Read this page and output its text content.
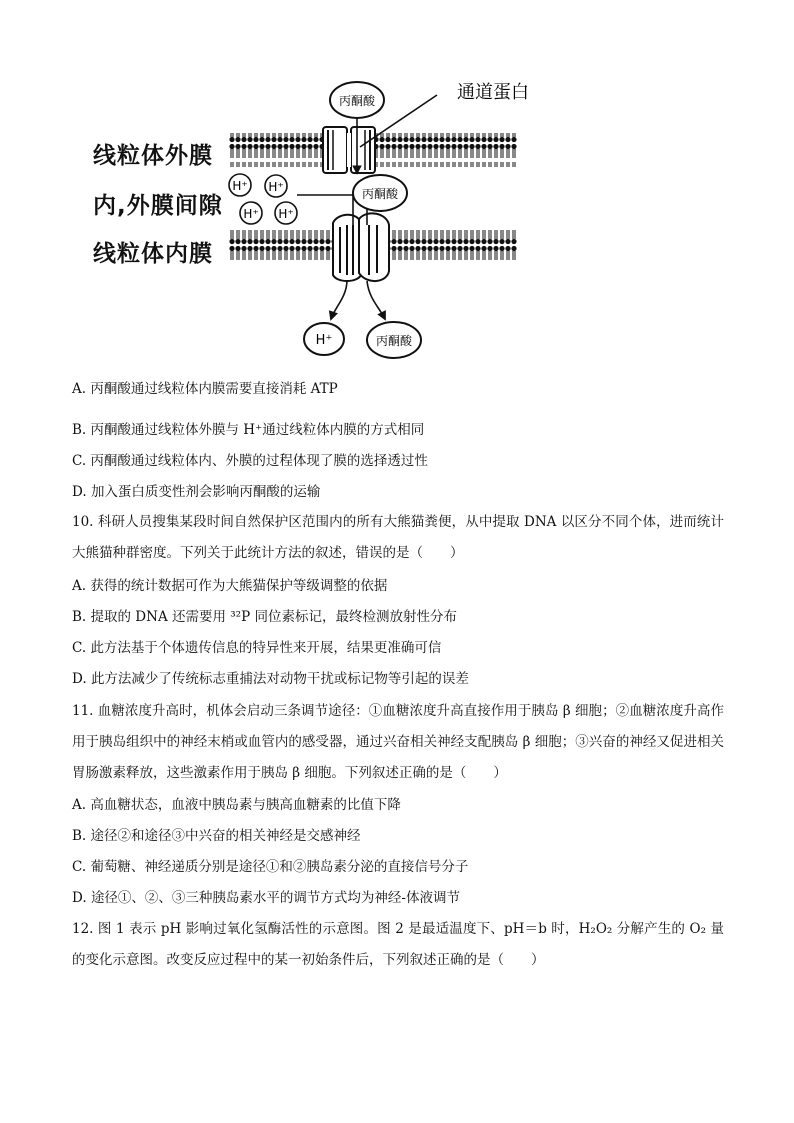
线粒体外膜
内,外膜间隙
线粒体内膜
丙酮酸
丙酮酸
H⁺ H⁺
H⁺ H⁺
H⁺	丙酮酸
通道蛋白
A. 丙酮酸通过线粒体内膜需要直接消耗 ATP
B. 丙酮酸通过线粒体外膜与 H⁺通过线粒体内膜的方式相同
C. 丙酮酸通过线粒体内、外膜的过程体现了膜的选择透过性
D. 加入蛋白质变性剂会影响丙酮酸的运输

10. 科研人员搜集某段时间自然保护区范围内的所有大熊猫粪便，从中提取 DNA 以区分不同个体，进而统计大熊猫种群密度。下列关于此统计方法的叙述，错误的是（　　）

A. 获得的统计数据可作为大熊猫保护等级调整的依据
B. 提取的 DNA 还需要用 ³²P 同位素标记，最终检测放射性分布
C. 此方法基于个体遗传信息的特异性来开展，结果更准确可信
D. 此方法减少了传统标志重捕法对动物干扰或标记物等引起的误差

11. 血糖浓度升高时，机体会启动三条调节途径：①血糖浓度升高直接作用于胰岛 β 细胞；②血糖浓度升高作用于胰岛组织中的神经末梢或血管内的感受器，通过兴奋相关神经支配胰岛 β 细胞；③兴奋的神经又促进相关胃肠激素释放，这些激素作用于胰岛 β 细胞。下列叙述正确的是（　　）

A. 高血糖状态，血液中胰岛素与胰高血糖素的比值下降
B. 途径②和途径③中兴奋的相关神经是交感神经
C. 葡萄糖、神经递质分别是途径①和②胰岛素分泌的直接信号分子
D. 途径①、②、③三种胰岛素水平的调节方式均为神经-体液调节

12. 图 1 表示 pH 影响过氧化氢酶活性的示意图。图 2 是最适温度下、pH＝b 时，H₂O₂ 分解产生的 O₂ 量的变化示意图。改变反应过程中的某一初始条件后，下列叙述正确的是（　　）
